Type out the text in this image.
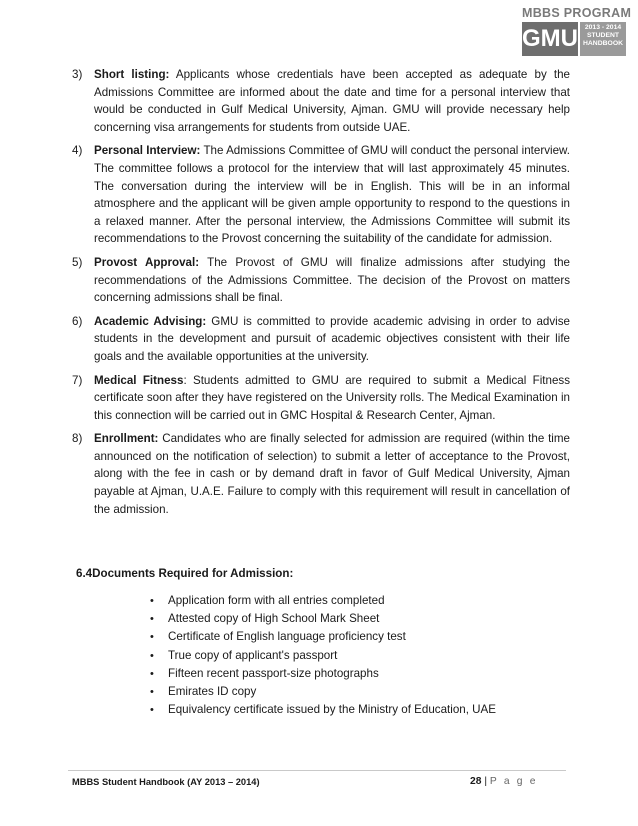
MBBS PROGRAM
GMU	2013 - 2014
STUDENT
HANDBOOK
3) Short listing: Applicants whose credentials have been accepted as adequate by the Admissions Committee are informed about the date and time for a personal interview that would be conducted in Gulf Medical University, Ajman. GMU will provide necessary help concerning visa arrangements for students from outside UAE.
4) Personal Interview: The Admissions Committee of GMU will conduct the personal interview. The committee follows a protocol for the interview that will last approximately 45 minutes. The conversation during the interview will be in English. This will be in an informal atmosphere and the applicant will be given ample opportunity to respond to the questions in a relaxed manner. After the personal interview, the Admissions Committee will submit its recommendations to the Provost concerning the suitability of the candidate for admission.
5) Provost Approval: The Provost of GMU will finalize admissions after studying the recommendations of the Admissions Committee. The decision of the Provost on matters concerning admissions shall be final.
6) Academic Advising: GMU is committed to provide academic advising in order to advise students in the development and pursuit of academic objectives consistent with their life goals and the available opportunities at the university.
7) Medical Fitness: Students admitted to GMU are required to submit a Medical Fitness certificate soon after they have registered on the University rolls. The Medical Examination in this connection will be carried out in GMC Hospital & Research Center, Ajman.
8) Enrollment: Candidates who are finally selected for admission are required (within the time announced on the notification of selection) to submit a letter of acceptance to the Provost, along with the fee in cash or by demand draft in favor of Gulf Medical University, Ajman payable at Ajman, U.A.E. Failure to comply with this requirement will result in cancellation of the admission.
6.4Documents Required for Admission:
• Application form with all entries completed
• Attested copy of High School Mark Sheet
• Certificate of English language proficiency test
• True copy of applicant's passport
• Fifteen recent passport-size photographs
• Emirates ID copy
• Equivalency certificate issued by the Ministry of Education, UAE
MBBS Student Handbook (AY 2013 – 2014)	28 | P a g e
